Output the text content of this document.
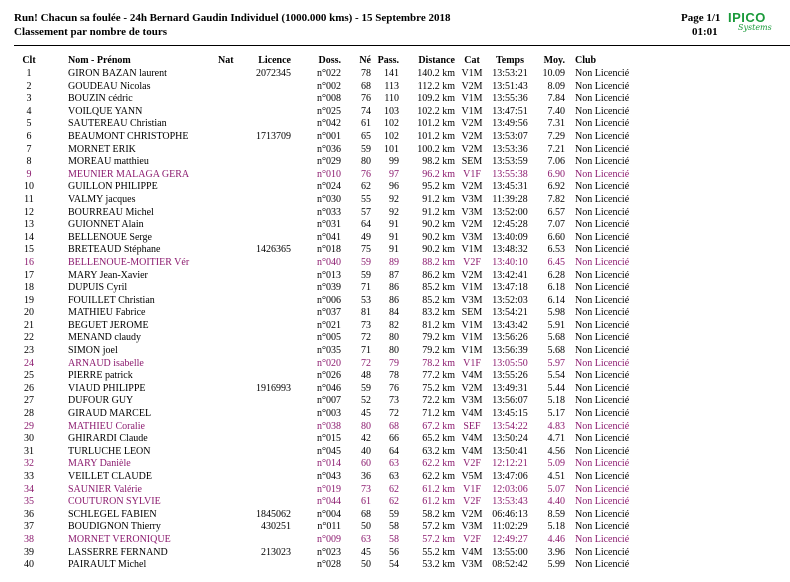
Run! Chacun sa foulée - 24h Bernard Gaudin Individuel (1000.000 kms) - 15 Septembre 2018
Classement par nombre de tours
Page 1/1
01:01
IPICO
Systems
Clt	Nom - Prénom	Nat	Licence	Doss.	Né	Pass.	Distance	Cat	Temps	Moy.	Club
1	GIRON BAZAN laurent		2072345	n°022	78	141	140.2 km	V1M	13:53:21	10.09	Non Licencié
2	GOUDEAU Nicolas			n°002	68	113	112.2 km	V2M	13:51:43	8.09	Non Licencié
3	BOUZIN cédric			n°008	76	110	109.2 km	V1M	13:55:36	7.84	Non Licencié
4	VOILQUE YANN			n°025	74	103	102.2 km	V1M	13:47:51	7.40	Non Licencié
5	SAUTEREAU Christian			n°042	61	102	101.2 km	V2M	13:49:56	7.31	Non Licencié
6	BEAUMONT CHRISTOPHE		1713709	n°001	65	102	101.2 km	V2M	13:53:07	7.29	Non Licencié
7	MORNET ERIK			n°036	59	101	100.2 km	V2M	13:53:36	7.21	Non Licencié
8	MOREAU matthieu			n°029	80	99	98.2 km	SEM	13:53:59	7.06	Non Licencié
9	MEUNIER MALAGA GERA			n°010	76	97	96.2 km	V1F	13:55:38	6.90	Non Licencié
10	GUILLON PHILIPPE			n°024	62	96	95.2 km	V2M	13:45:31	6.92	Non Licencié
11	VALMY jacques			n°030	55	92	91.2 km	V3M	11:39:28	7.82	Non Licencié
12	BOURREAU Michel			n°033	57	92	91.2 km	V3M	13:52:00	6.57	Non Licencié
13	GUIONNET Alain			n°031	64	91	90.2 km	V2M	12:45:28	7.07	Non Licencié
14	BELLENOUE Serge			n°041	49	91	90.2 km	V3M	13:40:09	6.60	Non Licencié
15	BRETEAUD Stéphane		1426365	n°018	75	91	90.2 km	V1M	13:48:32	6.53	Non Licencié
16	BELLENOUE-MOITIER Vér			n°040	59	89	88.2 km	V2F	13:40:10	6.45	Non Licencié
17	MARY Jean-Xavier			n°013	59	87	86.2 km	V2M	13:42:41	6.28	Non Licencié
18	DUPUIS Cyril			n°039	71	86	85.2 km	V1M	13:47:18	6.18	Non Licencié
19	FOUILLET Christian			n°006	53	86	85.2 km	V3M	13:52:03	6.14	Non Licencié
20	MATHIEU Fabrice			n°037	81	84	83.2 km	SEM	13:54:21	5.98	Non Licencié
21	BEGUET JEROME			n°021	73	82	81.2 km	V1M	13:43:42	5.91	Non Licencié
22	MENAND claudy			n°005	72	80	79.2 km	V1M	13:56:26	5.68	Non Licencié
23	SIMON joel			n°035	71	80	79.2 km	V1M	13:56:39	5.68	Non Licencié
24	ARNAUD isabelle			n°020	72	79	78.2 km	V1F	13:05:50	5.97	Non Licencié
25	PIERRE patrick			n°026	48	78	77.2 km	V4M	13:55:26	5.54	Non Licencié
26	VIAUD PHILIPPE		1916993	n°046	59	76	75.2 km	V2M	13:49:31	5.44	Non Licencié
27	DUFOUR GUY			n°007	52	73	72.2 km	V3M	13:56:07	5.18	Non Licencié
28	GIRAUD MARCEL			n°003	45	72	71.2 km	V4M	13:45:15	5.17	Non Licencié
29	MATHIEU Coralie			n°038	80	68	67.2 km	SEF	13:54:22	4.83	Non Licencié
30	GHIRARDI Claude			n°015	42	66	65.2 km	V4M	13:50:24	4.71	Non Licencié
31	TURLUCHE LEON			n°045	40	64	63.2 km	V4M	13:50:41	4.56	Non Licencié
32	MARY Danièle			n°014	60	63	62.2 km	V2F	12:12:21	5.09	Non Licencié
33	VEILLET CLAUDE			n°043	36	63	62.2 km	V5M	13:47:06	4.51	Non Licencié
34	SAUNIER Valérie			n°019	73	62	61.2 km	V1F	12:03:06	5.07	Non Licencié
35	COUTURON SYLVIE			n°044	61	62	61.2 km	V2F	13:53:43	4.40	Non Licencié
36	SCHLEGEL FABIEN		1845062	n°004	68	59	58.2 km	V2M	06:46:13	8.59	Non Licencié
37	BOUDIGNON Thierry		430251	n°011	50	58	57.2 km	V3M	11:02:29	5.18	Non Licencié
38	MORNET VERONIQUE			n°009	63	58	57.2 km	V2F	12:49:27	4.46	Non Licencié
39	LASSERRE FERNAND		213023	n°023	45	56	55.2 km	V4M	13:55:00	3.96	Non Licencié
40	PAIRAULT Michel			n°028	50	54	53.2 km	V3M	08:52:42	5.99	Non Licencié
